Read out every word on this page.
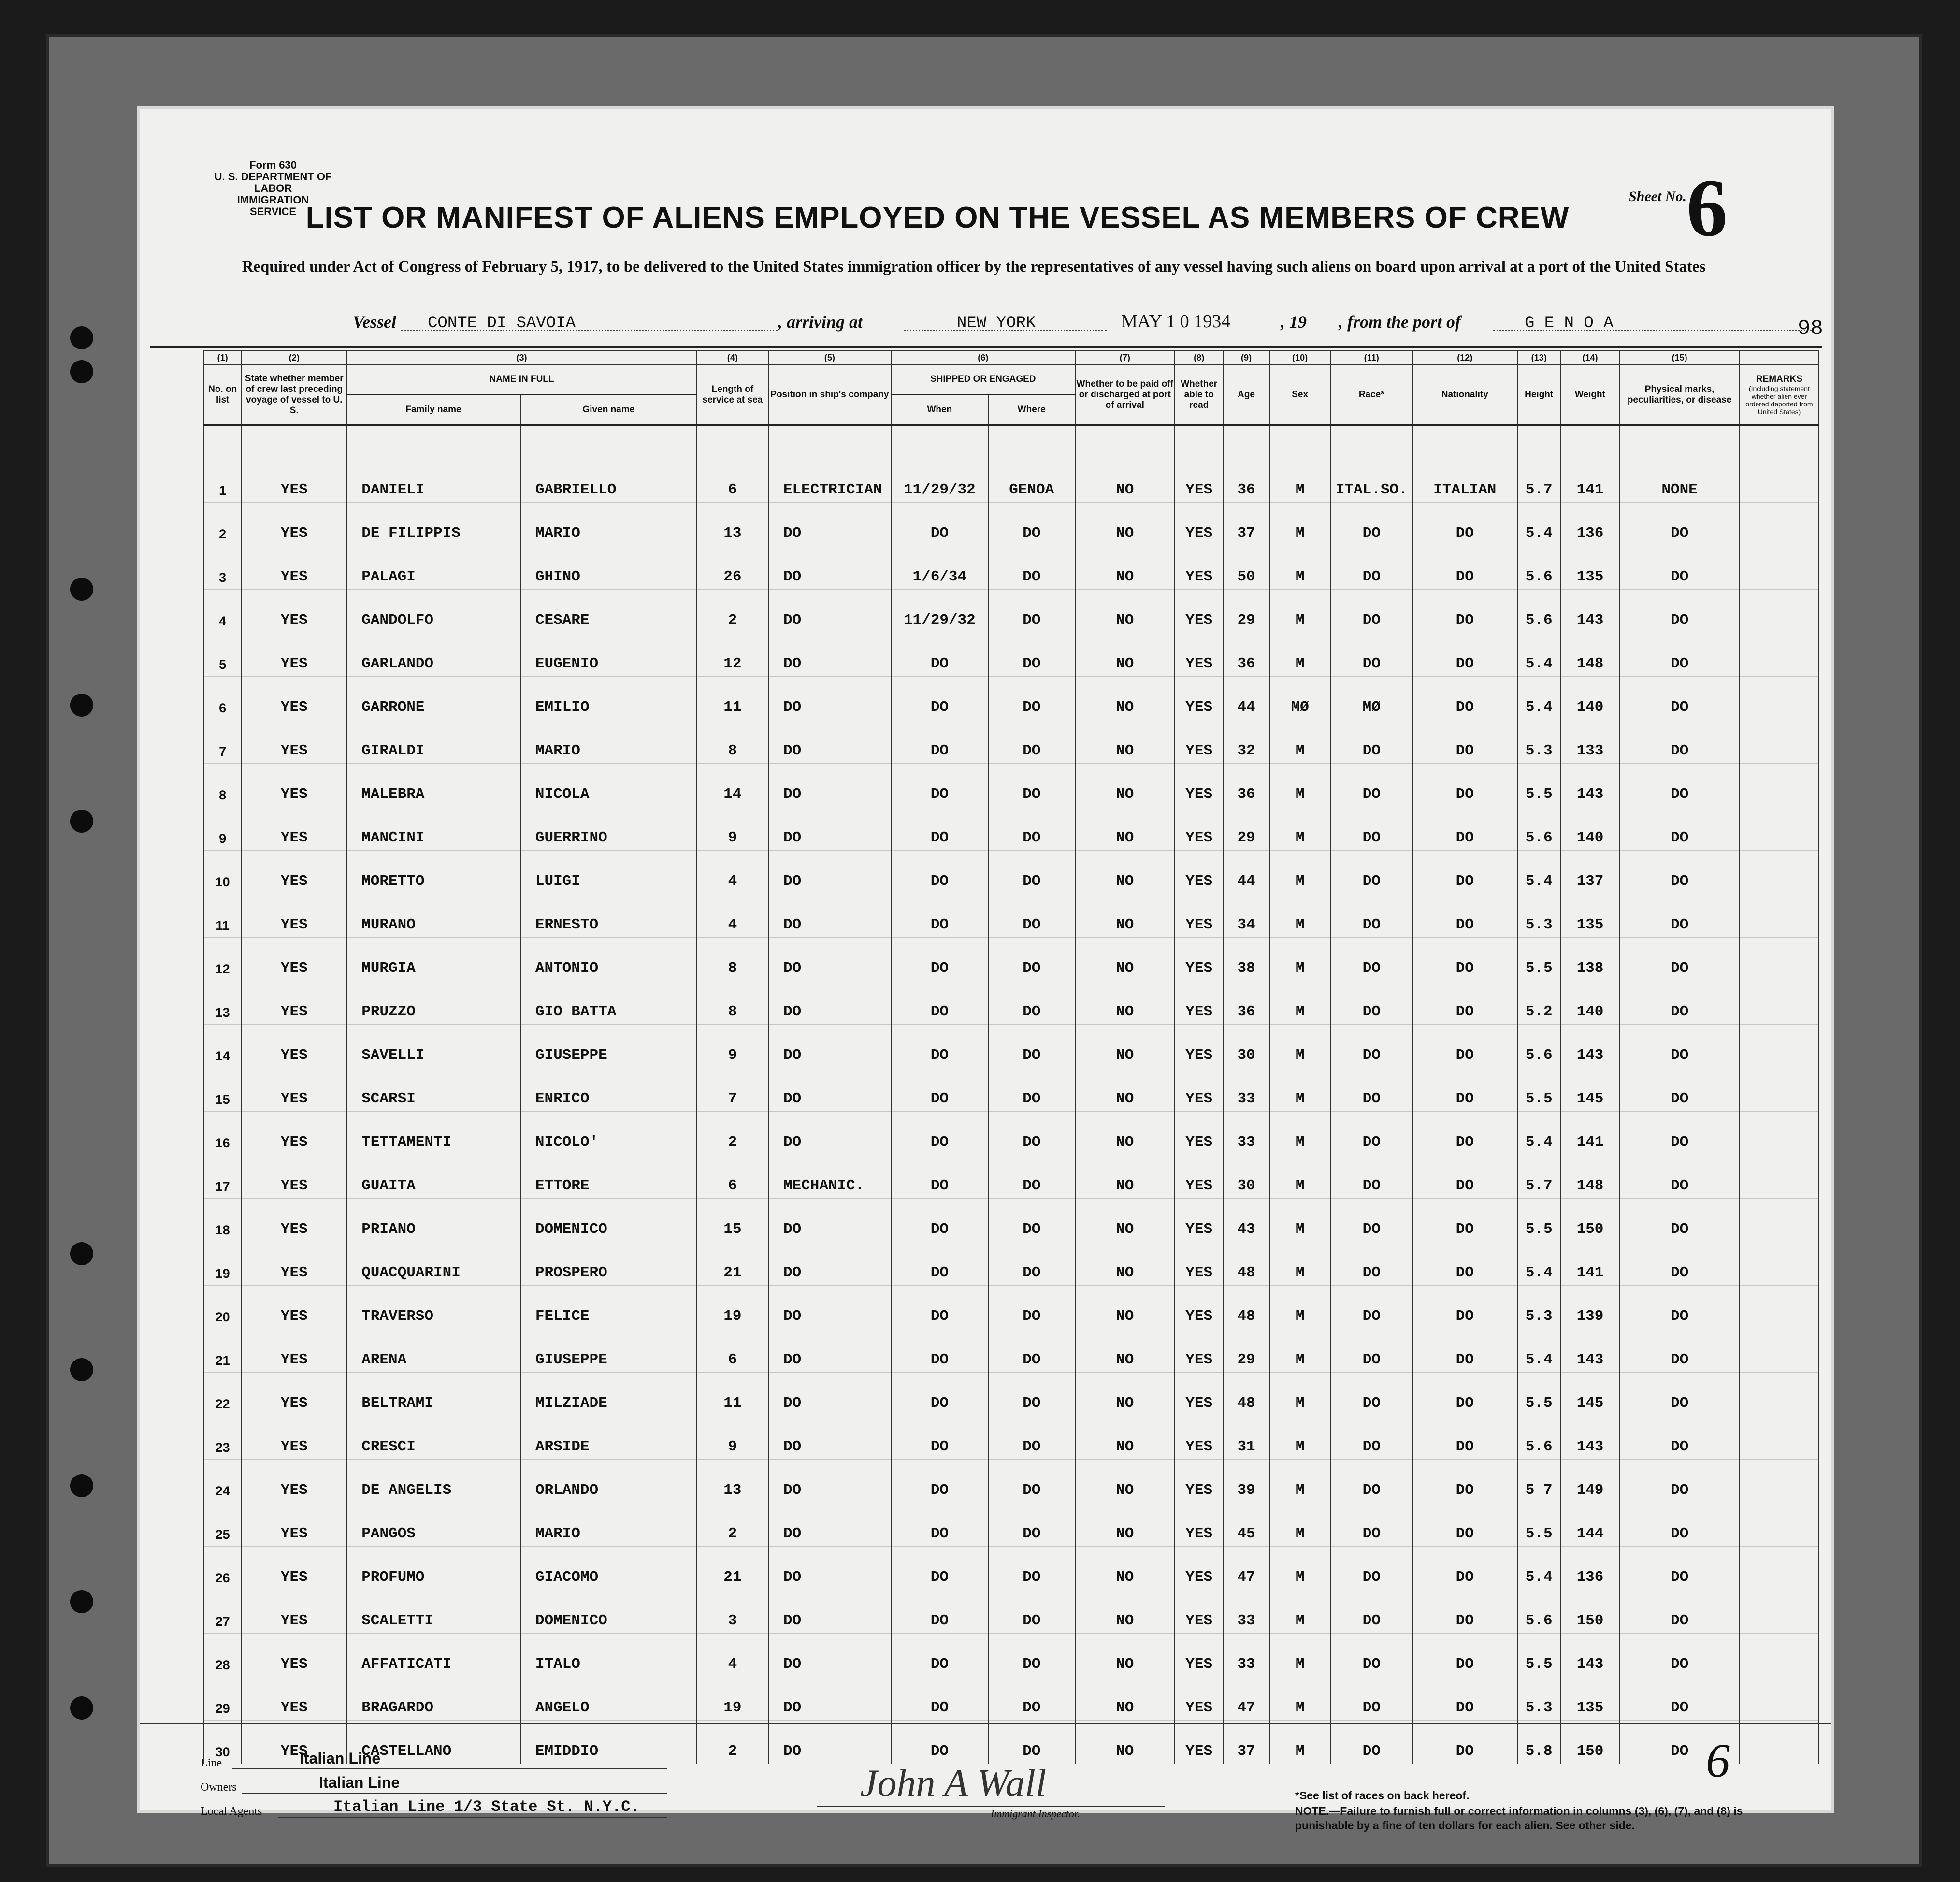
Form 630
U. S. DEPARTMENT OF LABOR
IMMIGRATION SERVICE
Sheet No. 6
LIST OR MANIFEST OF ALIENS EMPLOYED ON THE VESSEL AS MEMBERS OF CREW
Required under Act of Congress of February 5, 1917, to be delivered to the United States immigration officer by the representatives of any vessel having such aliens on board upon arrival at a port of the United States
Vessel CONTE DI SAVOIA	, arriving at	NEW YORK	MAY 1 0 1934	, 19 , from the port of	G E N O A	98
(1)	(2)	(3)		(4)	(5)	(6)		(7)	(8)	(9)	(10)	(11)	(12)	(13)	(14)	(15)	
No. on list	State whether member of crew last preceding voyage of vessel to U. S.	NAME IN FULL		Length of service at sea	Position in ship's company	SHIPPED OR ENGAGED		Whether to be paid off or discharged at port of arrival	Whether able to read	Age	Sex	Race*	Nationality	Height	Weight	Physical marks, peculiarities, or disease	REMARKS
(Including statement whether alien ever ordered deported from United States)

		Family name	Given name			When	Where										

1	YES	DANIELI	GABRIELLO	6	ELECTRICIAN	11/29/32	GENOA	NO	YES	36	M	ITAL.SO.	ITALIAN	5.7	141	NONE	
2	YES	DE FILIPPIS	MARIO	13	DO	DO	DO	NO	YES	37	M	DO	DO	5.4	136	DO	
3	YES	PALAGI	GHINO	26	DO	1/6/34	DO	NO	YES	50	M	DO	DO	5.6	135	DO	
4	YES	GANDOLFO	CESARE	2	DO	11/29/32	DO	NO	YES	29	M	DO	DO	5.6	143	DO	
5	YES	GARLANDO	EUGENIO	12	DO	DO	DO	NO	YES	36	M	DO	DO	5.4	148	DO	
6	YES	GARRONE	EMILIO	11	DO	DO	DO	NO	YES	44	MØ	MØ	DO	5.4	140	DO	
7	YES	GIRALDI	MARIO	8	DO	DO	DO	NO	YES	32	M	DO	DO	5.3	133	DO	
8	YES	MALEBRA	NICOLA	14	DO	DO	DO	NO	YES	36	M	DO	DO	5.5	143	DO	
9	YES	MANCINI	GUERRINO	9	DO	DO	DO	NO	YES	29	M	DO	DO	5.6	140	DO	
10	YES	MORETTO	LUIGI	4	DO	DO	DO	NO	YES	44	M	DO	DO	5.4	137	DO	
11	YES	MURANO	ERNESTO	4	DO	DO	DO	NO	YES	34	M	DO	DO	5.3	135	DO	
12	YES	MURGIA	ANTONIO	8	DO	DO	DO	NO	YES	38	M	DO	DO	5.5	138	DO	
13	YES	PRUZZO	GIO BATTA	8	DO	DO	DO	NO	YES	36	M	DO	DO	5.2	140	DO	
14	YES	SAVELLI	GIUSEPPE	9	DO	DO	DO	NO	YES	30	M	DO	DO	5.6	143	DO	
15	YES	SCARSI	ENRICO	7	DO	DO	DO	NO	YES	33	M	DO	DO	5.5	145	DO	
16	YES	TETTAMENTI	NICOLO'	2	DO	DO	DO	NO	YES	33	M	DO	DO	5.4	141	DO	
17	YES	GUAITA	ETTORE	6	MECHANIC.	DO	DO	NO	YES	30	M	DO	DO	5.7	148	DO	
18	YES	PRIANO	DOMENICO	15	DO	DO	DO	NO	YES	43	M	DO	DO	5.5	150	DO	
19	YES	QUACQUARINI	PROSPERO	21	DO	DO	DO	NO	YES	48	M	DO	DO	5.4	141	DO	
20	YES	TRAVERSO	FELICE	19	DO	DO	DO	NO	YES	48	M	DO	DO	5.3	139	DO	
21	YES	ARENA	GIUSEPPE	6	DO	DO	DO	NO	YES	29	M	DO	DO	5.4	143	DO	
22	YES	BELTRAMI	MILZIADE	11	DO	DO	DO	NO	YES	48	M	DO	DO	5.5	145	DO	
23	YES	CRESCI	ARSIDE	9	DO	DO	DO	NO	YES	31	M	DO	DO	5.6	143	DO	
24	YES	DE ANGELIS	ORLANDO	13	DO	DO	DO	NO	YES	39	M	DO	DO	5 7	149	DO	
25	YES	PANGOS	MARIO	2	DO	DO	DO	NO	YES	45	M	DO	DO	5.5	144	DO	
26	YES	PROFUMO	GIACOMO	21	DO	DO	DO	NO	YES	47	M	DO	DO	5.4	136	DO	
27	YES	SCALETTI	DOMENICO	3	DO	DO	DO	NO	YES	33	M	DO	DO	5.6	150	DO	
28	YES	AFFATICATI	ITALO	4	DO	DO	DO	NO	YES	33	M	DO	DO	5.5	143	DO	
29	YES	BRAGARDO	ANGELO	19	DO	DO	DO	NO	YES	47	M	DO	DO	5.3	135	DO	
30	YES	CASTELLANO	EMIDDIO	2	DO	DO	DO	NO	YES	37	M	DO	DO	5.8	150	DO	
Line	Italian Line
Owners	Italian Line
Local Agents	Italian Line 1/3 State St. N.Y.C.
John A Wall
Immigrant Inspector.
*See list of races on back hereof.
NOTE.—Failure to furnish full or correct information in columns (3), (6), (7), and (8) is punishable by a fine of ten dollars for each alien. See other side.
6
